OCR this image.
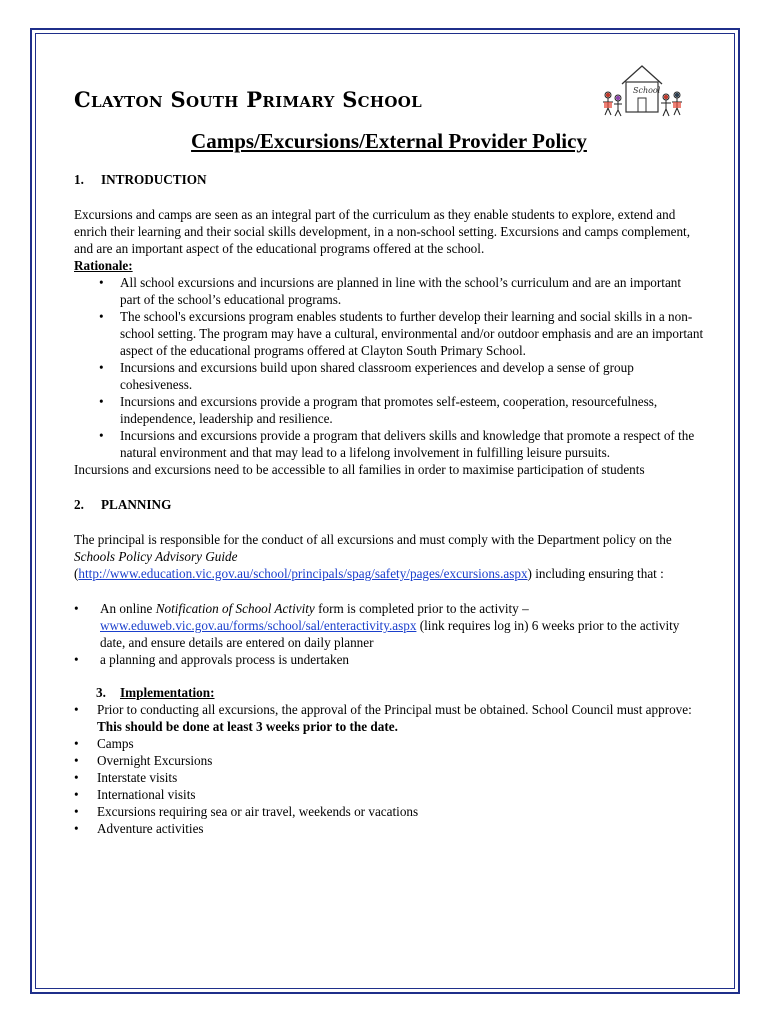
School
Clayton South Primary School
Camps/Excursions/External Provider Policy
1. INTRODUCTION

Excursions and camps are seen as an integral part of the curriculum as they enable students to explore, extend and enrich their learning and their social skills development, in a non-school setting. Excursions and camps complement, and are an important aspect of the educational programs offered at the school.

Rationale:

• All school excursions and incursions are planned in line with the school’s curriculum and are an important part of the school’s educational programs.
• The school's excursions program enables students to further develop their learning and social skills in a non-school setting. The program may have a cultural, environmental and/or outdoor emphasis and are an important aspect of the educational programs offered at Clayton South Primary School.
• Incursions and excursions build upon shared classroom experiences and develop a sense of group cohesiveness.
• Incursions and excursions provide a program that promotes self-esteem, cooperation, resourcefulness, independence, leadership and resilience.
• Incursions and excursions provide a program that delivers skills and knowledge that promote a respect of the natural environment and that may lead to a lifelong involvement in fulfilling leisure pursuits.

Incursions and excursions need to be accessible to all families in order to maximise participation of students

2. PLANNING

The principal is responsible for the conduct of all excursions and must comply with the Department policy on the Schools Policy Advisory Guide
(http://www.education.vic.gov.au/school/principals/spag/safety/pages/excursions.aspx) including ensuring that :

• An online Notification of School Activity form is completed prior to the activity – www.eduweb.vic.gov.au/forms/school/sal/enteractivity.aspx (link requires log in) 6 weeks prior to the activity date, and ensure details are entered on daily planner
• a planning and approvals process is undertaken
3. Implementation:
• Prior to conducting all excursions, the approval of the Principal must be obtained. School Council must approve: This should be done at least 3 weeks prior to the date.
• Camps
• Overnight Excursions
• Interstate visits
• International visits
• Excursions requiring sea or air travel, weekends or vacations
• Adventure activities
